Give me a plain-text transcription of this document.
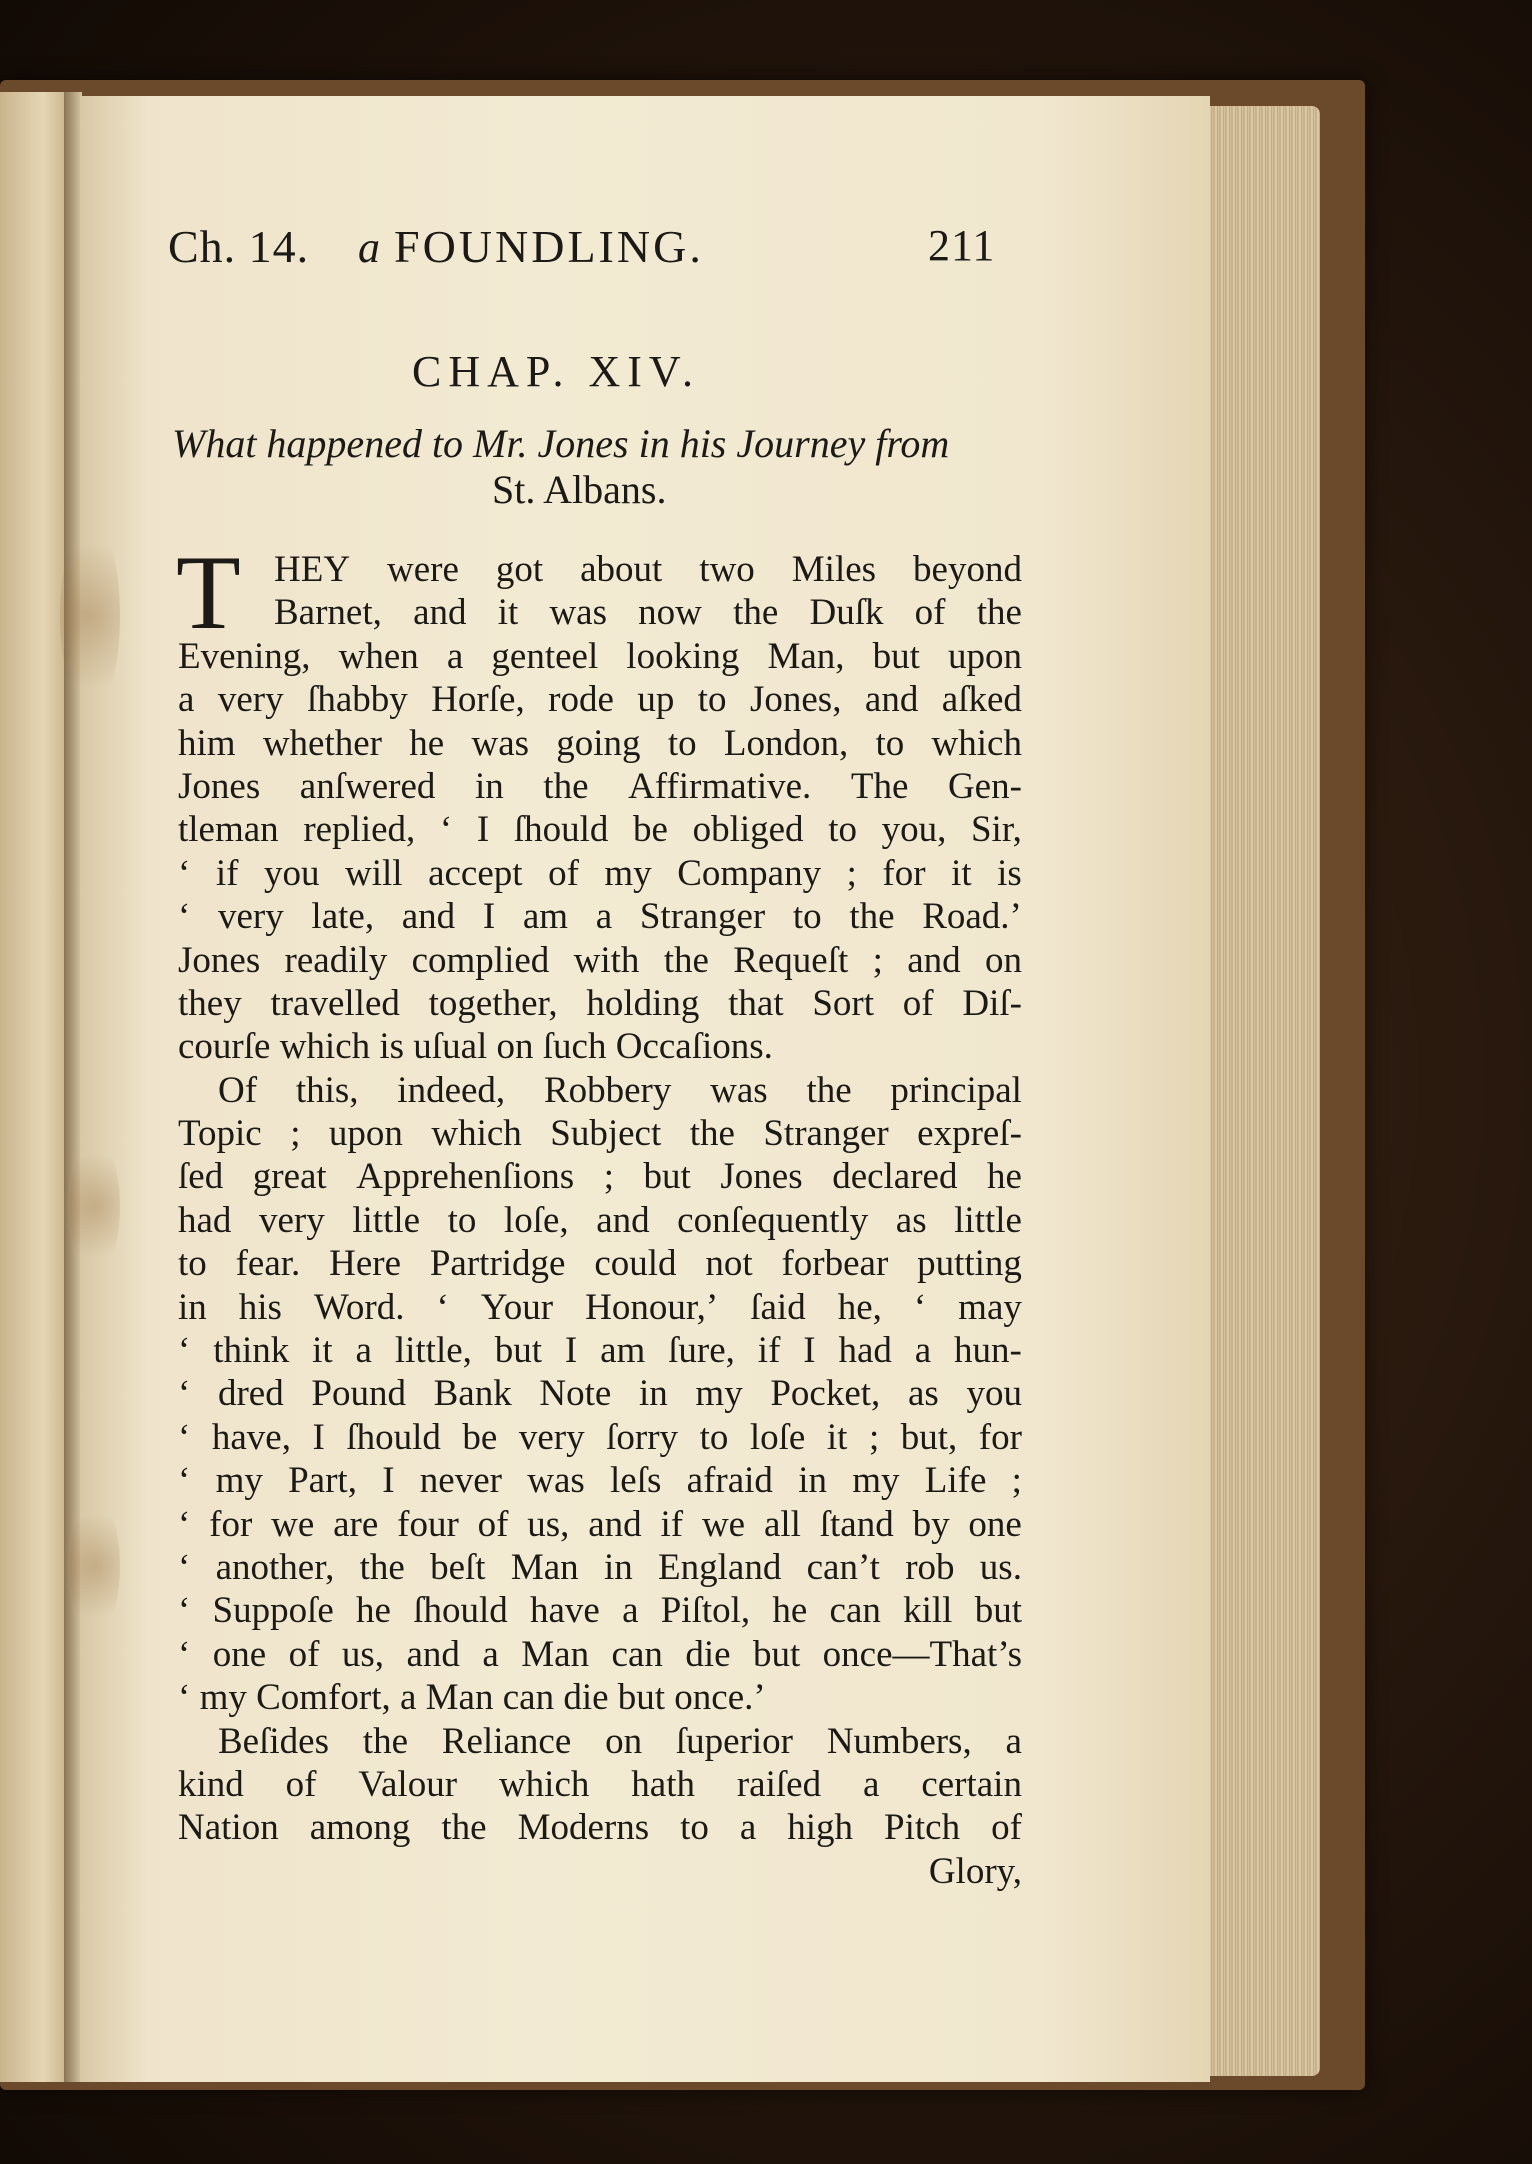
Ch. 14. a FOUNDLING.	211
CHAP. XIV.
What happened to Mr. Jones in his Journey from
St. Albans.
T HEY were got about two Miles beyond
Barnet, and it was now the Duſk of the
Evening, when a genteel looking Man, but upon
a very ſhabby Horſe, rode up to Jones, and aſked
him whether he was going to London, to which
Jones anſwered in the Affirmative. The Gen-
tleman replied, ‘ I ſhould be obliged to you, Sir,
‘ if you will accept of my Company ; for it is
‘ very late, and I am a Stranger to the Road.’
Jones readily complied with the Requeſt ; and on
they travelled together, holding that Sort of Diſ-
courſe which is uſual on ſuch Occaſions.
Of this, indeed, Robbery was the principal
Topic ; upon which Subject the Stranger expreſ-
ſed great Apprehenſions ; but Jones declared he
had very little to loſe, and conſequently as little
to fear. Here Partridge could not forbear putting
in his Word. ‘ Your Honour,’ ſaid he, ‘ may
‘ think it a little, but I am ſure, if I had a hun-
‘ dred Pound Bank Note in my Pocket, as you
‘ have, I ſhould be very ſorry to loſe it ; but, for
‘ my Part, I never was leſs afraid in my Life ;
‘ for we are four of us, and if we all ſtand by one
‘ another, the beſt Man in England can’t rob us.
‘ Suppoſe he ſhould have a Piſtol, he can kill but
‘ one of us, and a Man can die but once—That’s
‘ my Comfort, a Man can die but once.’
Beſides the Reliance on ſuperior Numbers, a
kind of Valour which hath raiſed a certain
Nation among the Moderns to a high Pitch of
Glory,
